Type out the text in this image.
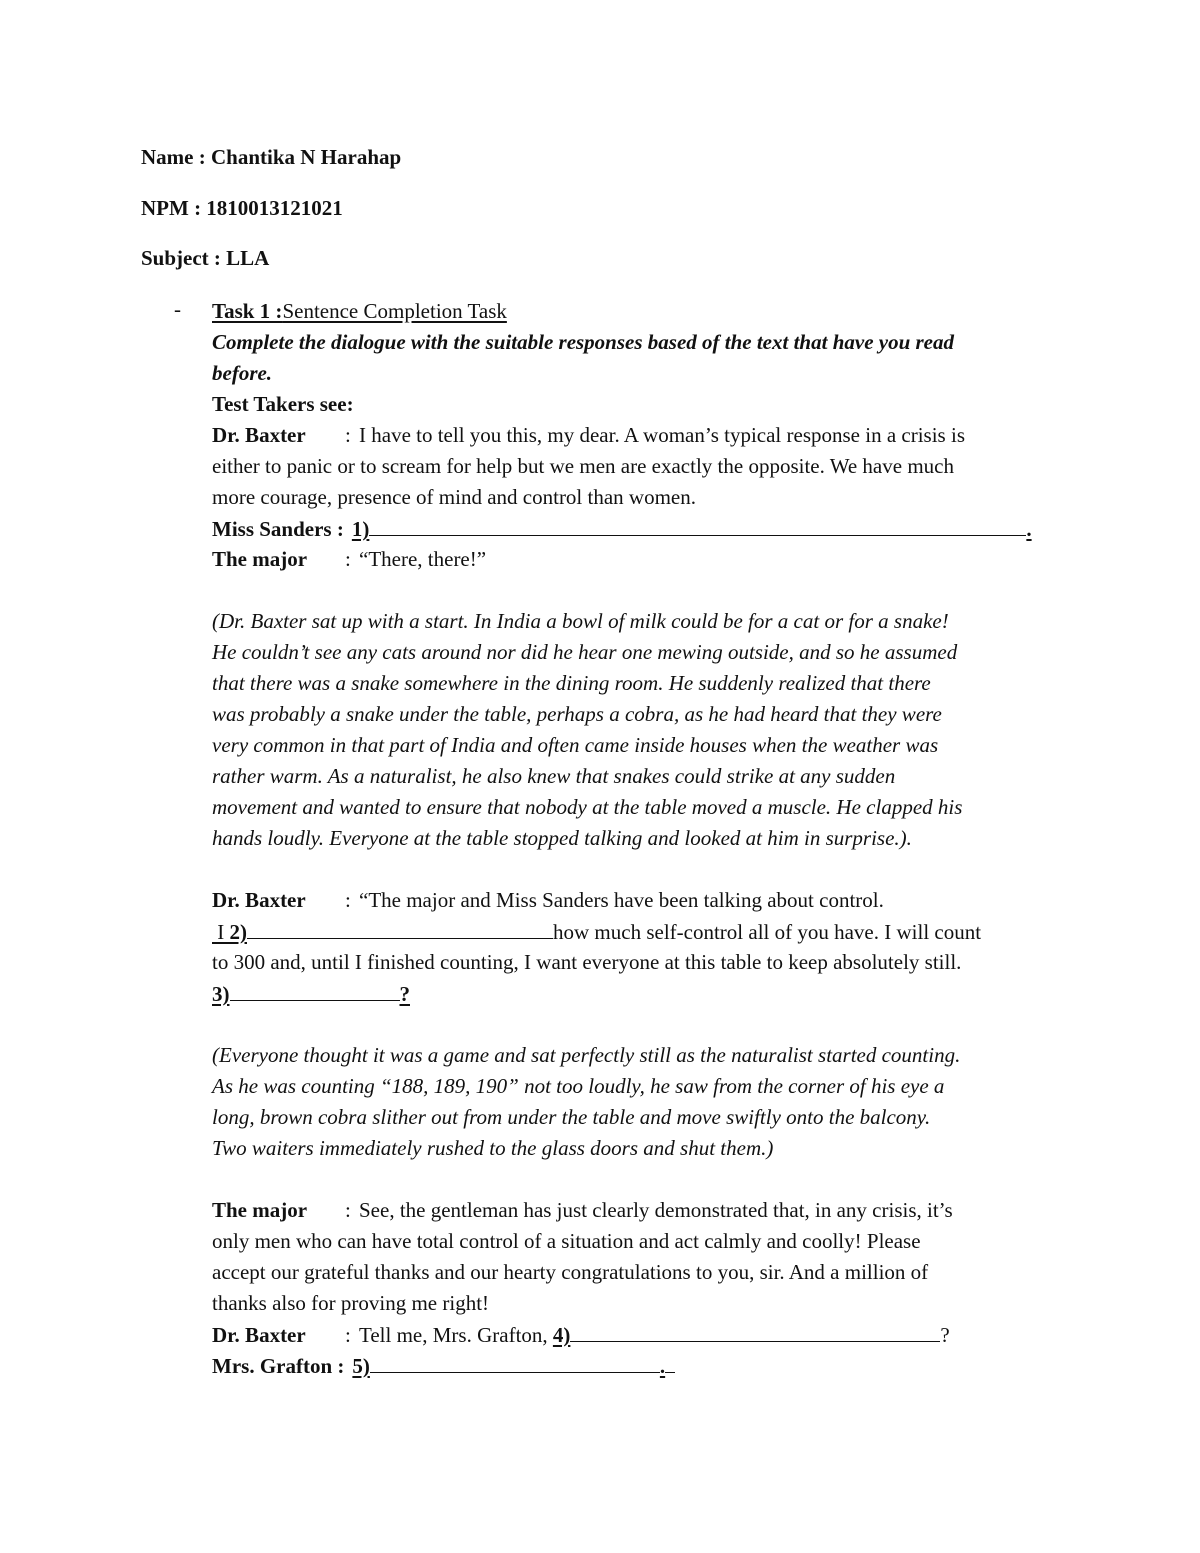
Name : Chantika N Harahap
NPM : 1810013121021
Subject : LLA
- Task 1 :Sentence Completion Task
Complete the dialogue with the suitable responses based of the text that have you read
before.
Test Takers see:
Dr. Baxter : I have to tell you this, my dear. A woman’s typical response in a crisis is
either to panic or to scream for help but we men are exactly the opposite. We have much
more courage, presence of mind and control than women.
Miss Sanders : 1)	.
The major : “There, there!”
(Dr. Baxter sat up with a start. In India a bowl of milk could be for a cat or for a snake!
He couldn’t see any cats around nor did he hear one mewing outside, and so he assumed
that there was a snake somewhere in the dining room. He suddenly realized that there
was probably a snake under the table, perhaps a cobra, as he had heard that they were
very common in that part of India and often came inside houses when the weather was
rather warm. As a naturalist, he also knew that snakes could strike at any sudden
movement and wanted to ensure that nobody at the table moved a muscle. He clapped his
hands loudly. Everyone at the table stopped talking and looked at him in surprise.).
Dr. Baxter : “The major and Miss Sanders have been talking about control.
I 2)	how much self-control all of you have. I will count
to 300 and, until I finished counting, I want everyone at this table to keep absolutely still.
3)	?
(Everyone thought it was a game and sat perfectly still as the naturalist started counting.
As he was counting “188, 189, 190” not too loudly, he saw from the corner of his eye a
long, brown cobra slither out from under the table and move swiftly onto the balcony.
Two waiters immediately rushed to the glass doors and shut them.)
The major : See, the gentleman has just clearly demonstrated that, in any crisis, it’s
only men who can have total control of a situation and act calmly and coolly! Please
accept our grateful thanks and our hearty congratulations to you, sir. And a million of
thanks also for proving me right!
Dr. Baxter : Tell me, Mrs. Grafton, 4)	?
Mrs. Grafton : 5)	.
